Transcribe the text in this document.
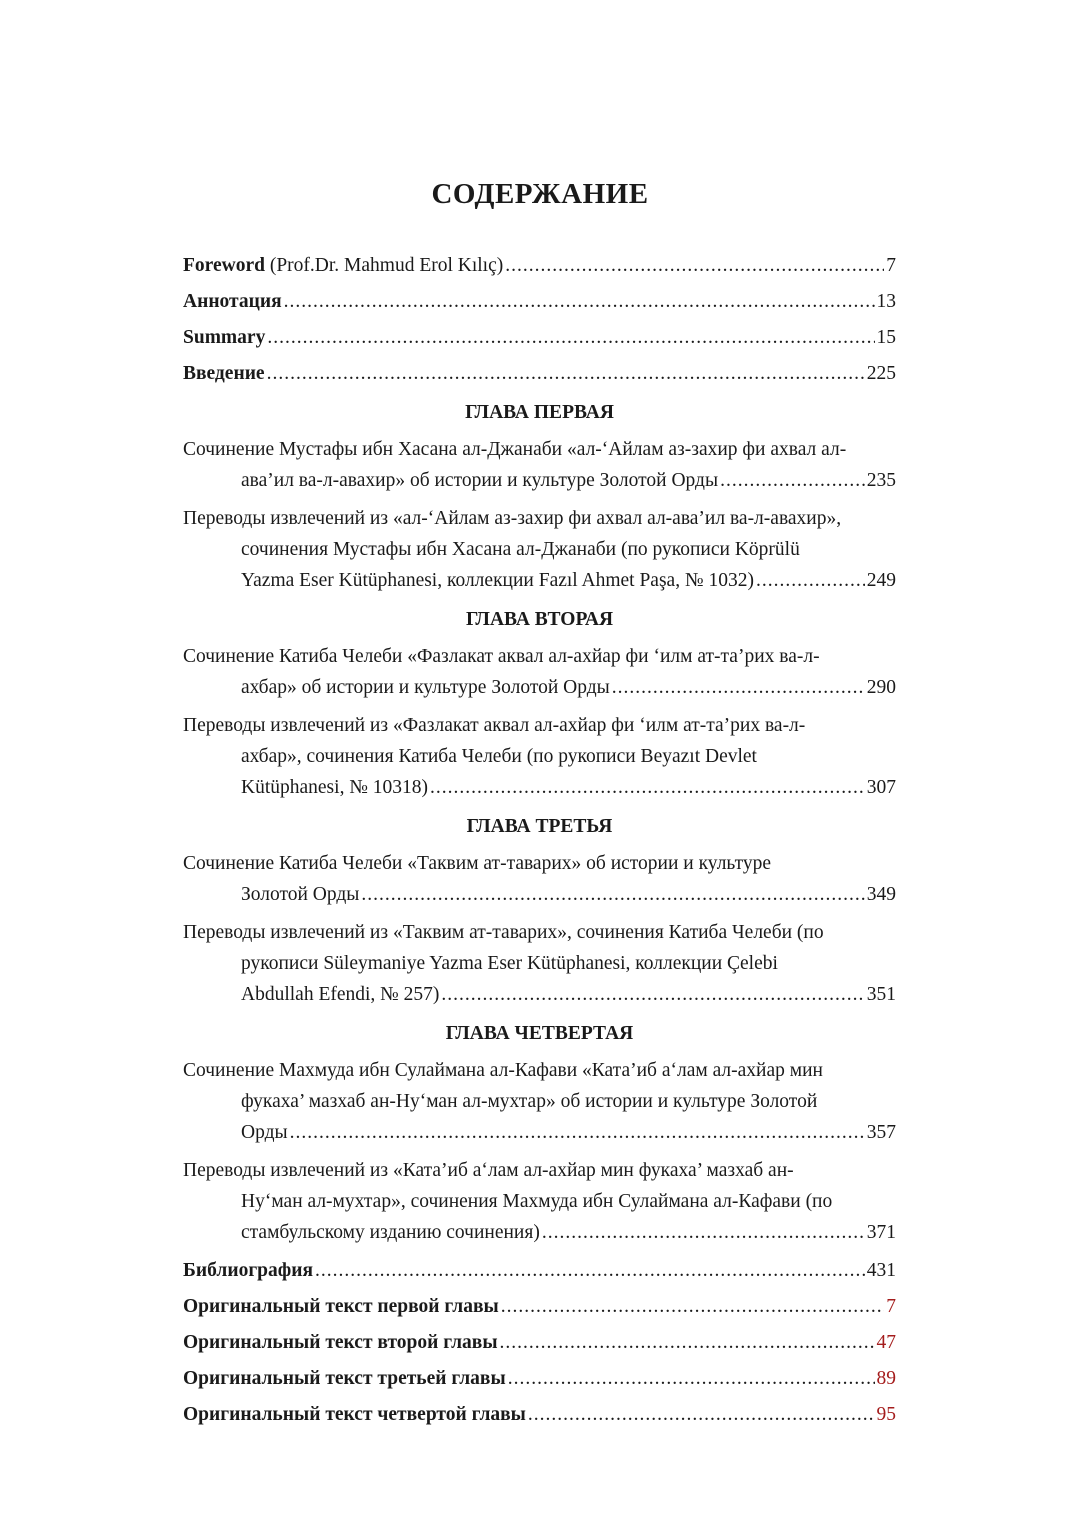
СОДЕРЖАНИЕ
Foreword (Prof.Dr. Mahmud Erol Kılıç) .....	7
Аннотация .....	13
Summary .....	15
Введение .....	225
ГЛАВА ПЕРВАЯ
Сочинение Мустафы ибн Хасана ал-Джанаби «ал-‘Айлам аз-захир фи ахвал ал-
ава’ил ва-л-авахир» об истории и культуре Золотой Орды .....	235
Переводы извлечений из «ал-‘Айлам аз-захир фи ахвал ал-ава’ил ва-л-авахир»,
сочинения Мустафы ибн Хасана ал-Джанаби (по рукописи Köprülü
Yazma Eser Kütüphanesi, коллекции Fazıl Ahmet Paşa, № 1032) .....	249
ГЛАВА ВТОРАЯ
Сочинение Катиба Челеби «Фазлакат аквал ал-ахйар фи ‘илм ат-та’рих ва-л-
ахбар» об истории и культуре Золотой Орды .....	290
Переводы извлечений из «Фазлакат аквал ал-ахйар фи ‘илм ат-та’рих ва-л-
ахбар», сочинения Катиба Челеби (по рукописи Beyazıt Devlet
Kütüphanesi, № 10318) .....	307
ГЛАВА ТРЕТЬЯ
Сочинение Катиба Челеби «Таквим ат-таварих» об истории и культуре
Золотой Орды .....	349
Переводы извлечений из «Таквим ат-таварих», сочинения Катиба Челеби (по
рукописи Süleymaniye Yazma Eser Kütüphanesi, коллекции Çelebi
Abdullah Efendi, № 257) .....	351
ГЛАВА ЧЕТВЕРТАЯ
Сочинение Махмуда ибн Сулаймана ал-Кафави «Ката’иб а‘лам ал-ахйар мин
фукаха’ мазхаб ан-Ну‘ман ал-мухтар» об истории и культуре Золотой
Орды .....	357
Переводы извлечений из «Ката’иб а‘лам ал-ахйар мин фукаха’ мазхаб ан-
Ну‘ман ал-мухтар», сочинения Махмуда ибн Сулаймана ал-Кафави (по
стамбульскому изданию сочинения) .....	371
Библиография .....	431
Оригинальный текст первой главы .....	7
Оригинальный текст второй главы .....	47
Оригинальный текст третьей главы .....	89
Оригинальный текст четвертой главы .....	95
